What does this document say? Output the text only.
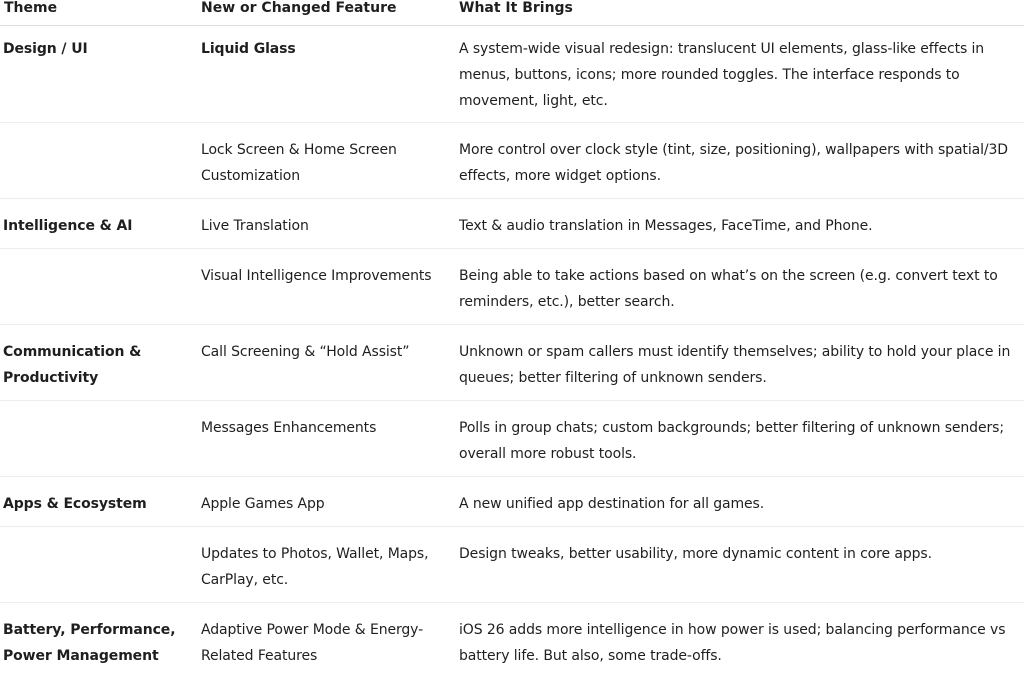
Theme	New or Changed Feature	What It Brings
Design / UI	Liquid Glass	A system-wide visual redesign: translucent UI elements, glass-like effects in menus, buttons, icons; more rounded toggles. The interface responds to movement, light, etc.
	Lock Screen & Home Screen Customization	More control over clock style (tint, size, positioning), wallpapers with spatial/3D effects, more widget options.
Intelligence & AI	Live Translation	Text & audio translation in Messages, FaceTime, and Phone.
	Visual Intelligence Improvements	Being able to take actions based on what’s on the screen (e.g. convert text to reminders, etc.), better search.
Communication & Productivity	Call Screening & “Hold Assist”	Unknown or spam callers must identify themselves; ability to hold your place in queues; better filtering of unknown senders.
	Messages Enhancements	Polls in group chats; custom backgrounds; better filtering of unknown senders; overall more robust tools.
Apps & Ecosystem	Apple Games App	A new unified app destination for all games.
	Updates to Photos, Wallet, Maps, CarPlay, etc.	Design tweaks, better usability, more dynamic content in core apps.
Battery, Performance, Power Management	Adaptive Power Mode & Energy-Related Features	iOS 26 adds more intelligence in how power is used; balancing performance vs battery life. But also, some trade-offs.
